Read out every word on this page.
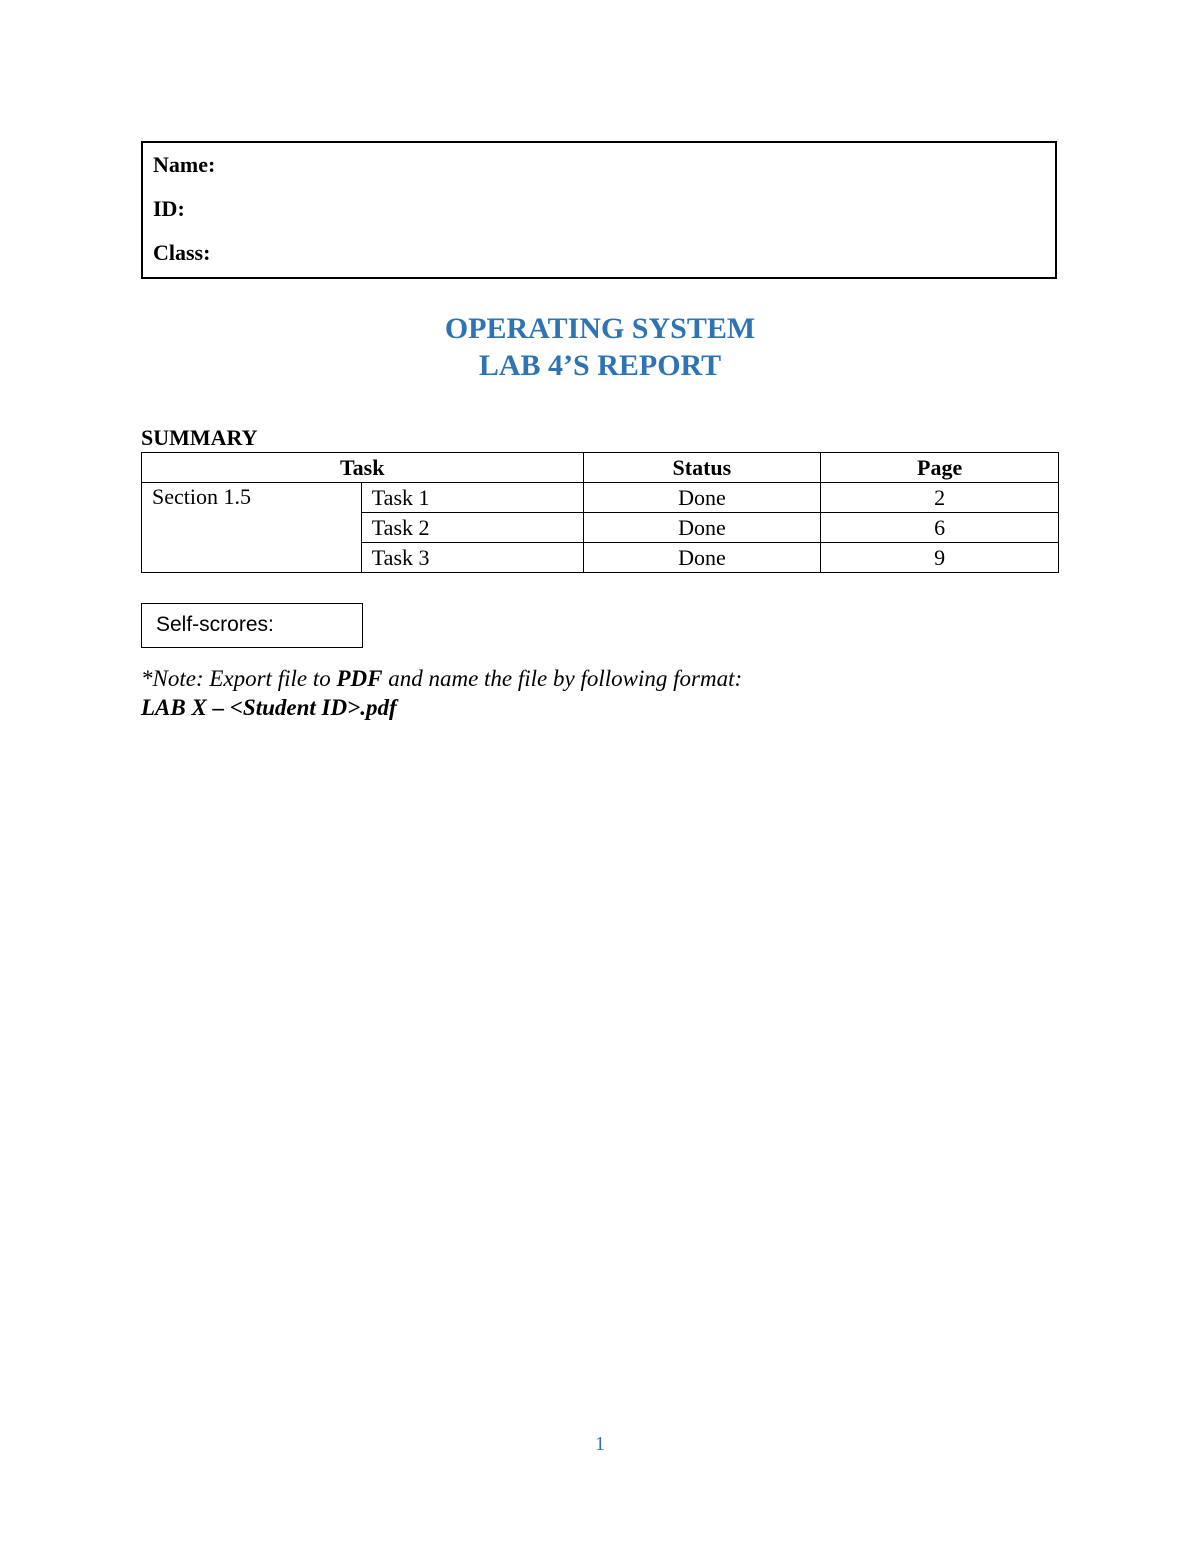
Name:
ID:
Class:
OPERATING SYSTEM
LAB 4’S REPORT
SUMMARY
Task		Status	Page
Section 1.5	Task 1	Done	2
	Task 2	Done	6
	Task 3	Done	9
Self-scrores:
*Note: Export file to PDF and name the file by following format:
LAB X – <Student ID>.pdf
1
